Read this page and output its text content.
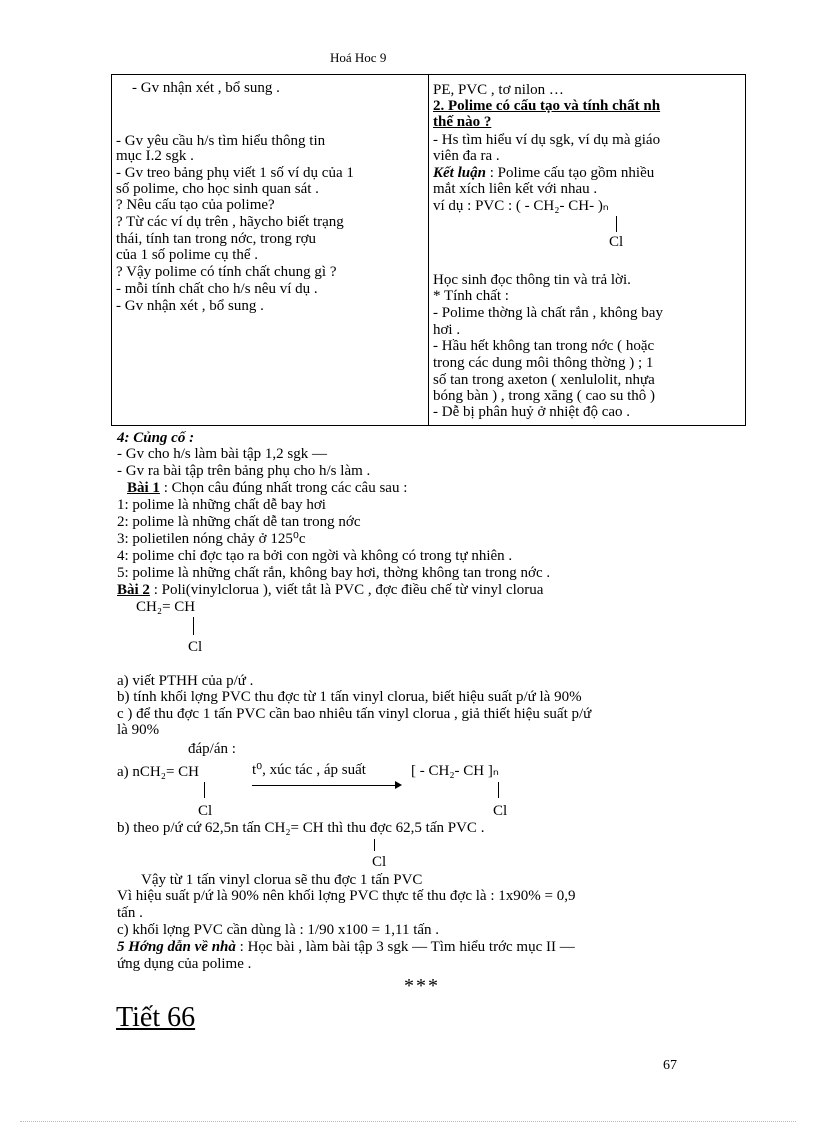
Hoá Hoc 9
- Gv nhận xét , bổ sung .
- Gv yêu cầu h/s tìm hiểu thông tin
mục I.2 sgk .
- Gv treo bảng phụ viết 1 số ví dụ của 1
số polime, cho học sinh quan sát .
? Nêu cấu tạo của polime?
? Từ các ví dụ trên , hãycho biết trạng
thái, tính tan trong nớc, trong rợu
của 1 số polime cụ thể .
? Vậy polime có tính chất chung gì ?
- mỗi tính chất cho h/s nêu ví dụ .
- Gv nhận xét , bổ sung .

PE, PVC , tơ nilon …
2. Polime có cấu tạo và tính chất nh
thế nào ?
- Hs tìm hiểu ví dụ sgk, ví dụ mà giáo
viên đa ra .
Kết luận : Polime cấu tạo gồm nhiều
mắt xích liên kết với nhau .
ví dụ : PVC : ( - CH₂- CH- )ₙ
Cl
Học sinh đọc thông tin và trả lời.
* Tính chất :
- Polime thờng là chất rắn , không bay
hơi .
- Hầu hết không tan trong nớc ( hoặc
trong các dung môi thông thờng ) ; 1
số tan trong axeton ( xenlulolit, nhựa
bóng bàn ) , trong xăng ( cao su thô )
- Dễ bị phân huỷ ở nhiệt độ cao .
4: Củng cố :
- Gv cho h/s làm bài tập 1,2 sgk —
- Gv ra bài tập trên bảng phụ cho h/s làm .
Bài 1 : Chọn câu đúng nhất trong các câu sau :
1: polime là những chất dễ bay hơi
2: polime là những chất dễ tan trong nớc
3: polietilen nóng chảy ở 125⁰c
4: polime chỉ đợc tạo ra bởi con ngời và không có trong tự nhiên .
5: polime là những chất rắn, không bay hơi, thờng không tan trong nớc .
Bài 2 : Poli(vinylclorua ), viết tắt là PVC , đợc điều chế từ vinyl clorua
CH₂= CH
Cl
a) viết PTHH của p/ứ .
b) tính khối lợng PVC thu đợc từ 1 tấn vinyl clorua, biết hiệu suất p/ứ là 90%
c ) để thu đợc 1 tấn PVC cần bao nhiêu tấn vinyl clorua , giả thiết hiệu suất p/ứ
là 90%
đáp/án :
a) nCH₂= CH	t⁰, xúc tác , áp suất	[ - CH₂- CH ]ₙ
Cl	Cl
b) theo p/ứ cứ 62,5n tấn CH₂= CH thì thu đợc 62,5 tấn PVC .
Cl
Vậy từ 1 tấn vinyl clorua sẽ thu đợc 1 tấn PVC
Vì hiệu suất p/ứ là 90% nên khối lợng PVC thực tế thu đợc là : 1x90% = 0,9
tấn .
c) khối lợng PVC cần dùng là : 1/90 x100 = 1,11 tấn .
5 Hớng dẫn về nhà : Học bài , làm bài tập 3 sgk — Tìm hiểu trớc mục II —
ứng dụng của polime .
***
Tiết 66
67
